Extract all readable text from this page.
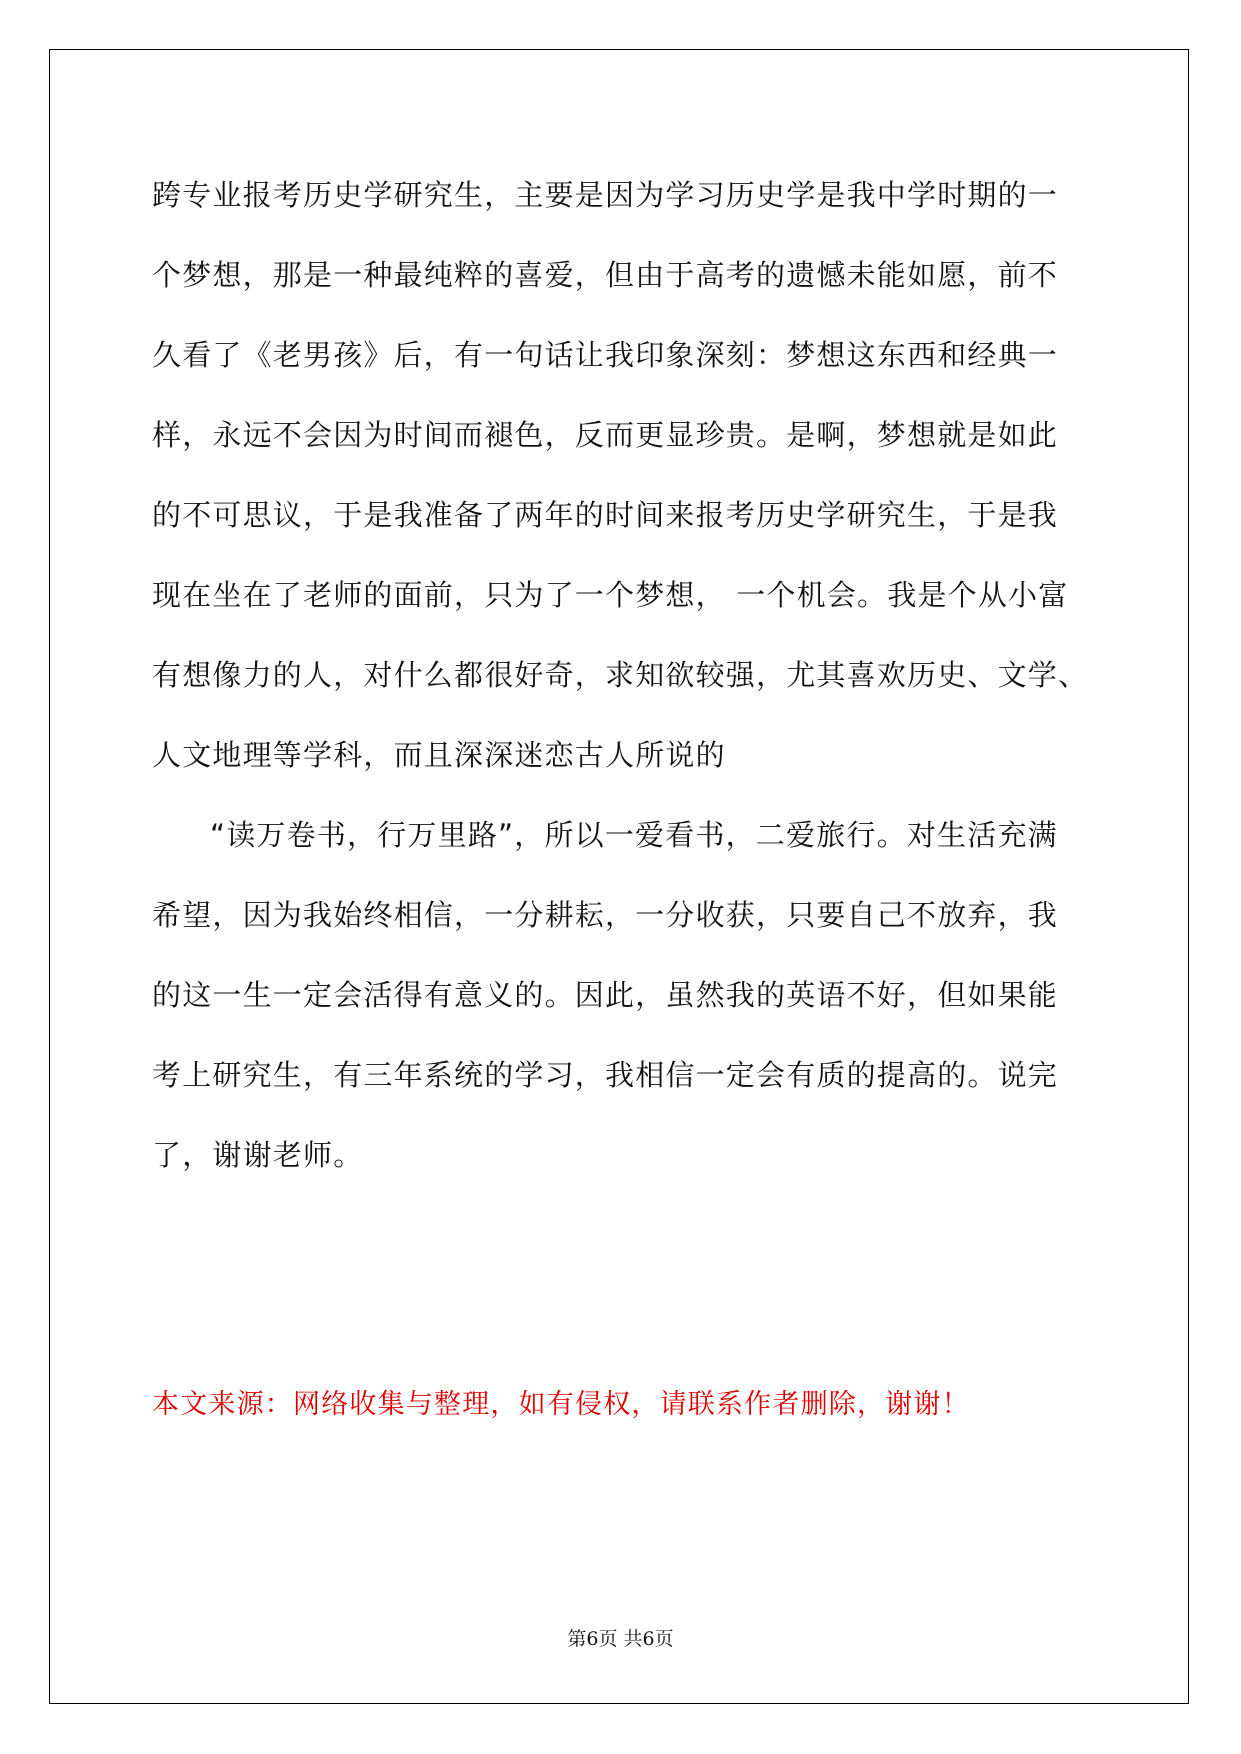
跨专业报考历史学研究生，主要是因为学习历史学是我中学时期的一
个梦想，那是一种最纯粹的喜爱，但由于高考的遗憾未能如愿，前不
久看了《老男孩》后，有一句话让我印象深刻：梦想这东西和经典一
样，永远不会因为时间而褪色，反而更显珍贵。是啊，梦想就是如此
的不可思议，于是我准备了两年的时间来报考历史学研究生，于是我
现在坐在了老师的面前，只为了一个梦想， 一个机会。我是个从小富
有想像力的人，对什么都很好奇，求知欲较强，尤其喜欢历史、文学、
人文地理等学科，而且深深迷恋古人所说的
“读万卷书，行万里路”，所以一爱看书，二爱旅行。对生活充满
希望，因为我始终相信，一分耕耘，一分收获，只要自己不放弃，我
的这一生一定会活得有意义的。因此，虽然我的英语不好，但如果能
考上研究生，有三年系统的学习，我相信一定会有质的提高的。说完
了，谢谢老师。
本文来源：网络收集与整理，如有侵权，请联系作者删除，谢谢！
第6页 共6页
